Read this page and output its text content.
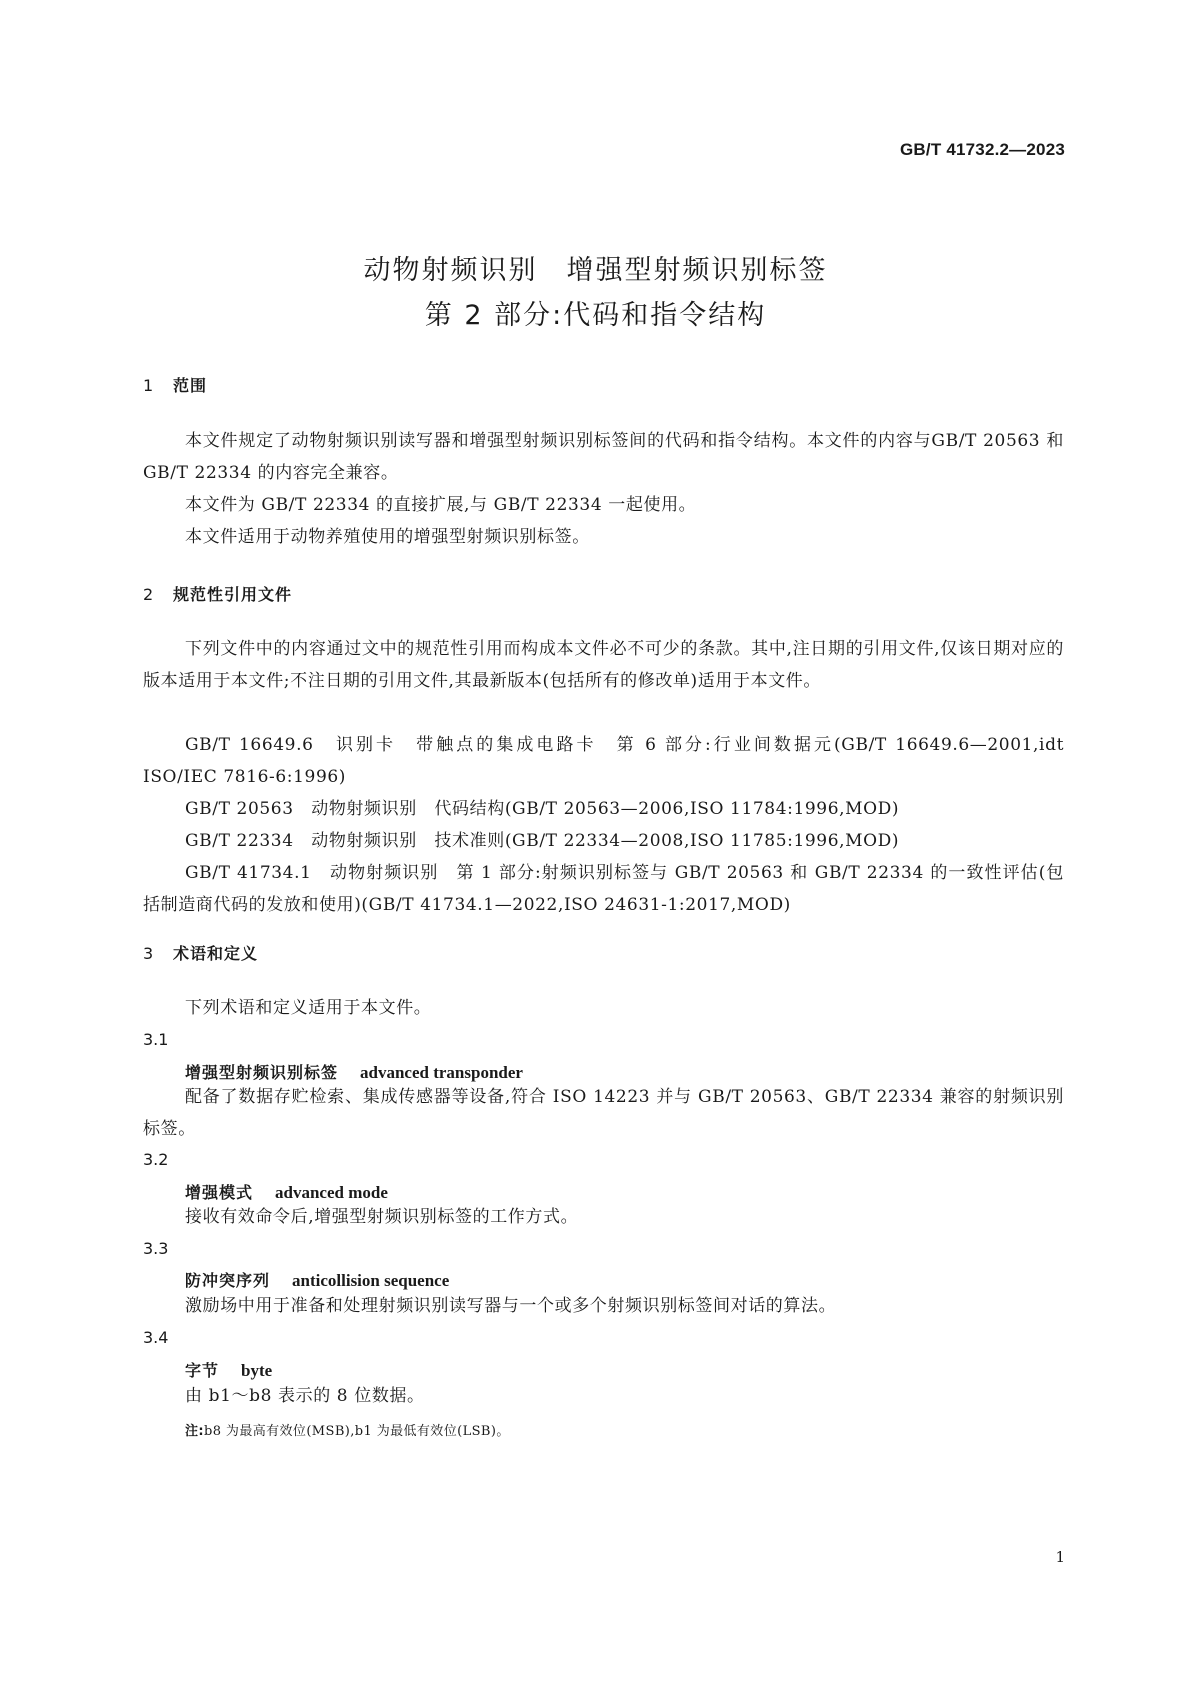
GB/T 41732.2—2023
动物射频识别　增强型射频识别标签
第 2 部分:代码和指令结构
1 范围
本文件规定了动物射频识别读写器和增强型射频识别标签间的代码和指令结构。本文件的内容与GB/T 20563 和 GB/T 22334 的内容完全兼容。
本文件为 GB/T 22334 的直接扩展,与 GB/T 22334 一起使用。
本文件适用于动物养殖使用的增强型射频识别标签。
2 规范性引用文件
下列文件中的内容通过文中的规范性引用而构成本文件必不可少的条款。其中,注日期的引用文件,仅该日期对应的版本适用于本文件;不注日期的引用文件,其最新版本(包括所有的修改单)适用于本文件。
GB/T 16649.6　识别卡　带触点的集成电路卡　第 6 部分:行业间数据元(GB/T 16649.6—2001,idt ISO/IEC 7816-6:1996)
GB/T 20563　动物射频识别　代码结构(GB/T 20563—2006,ISO 11784:1996,MOD)
GB/T 22334　动物射频识别　技术准则(GB/T 22334—2008,ISO 11785:1996,MOD)
GB/T 41734.1　动物射频识别　第 1 部分:射频识别标签与 GB/T 20563 和 GB/T 22334 的一致性评估(包括制造商代码的发放和使用)(GB/T 41734.1—2022,ISO 24631-1:2017,MOD)
3 术语和定义
下列术语和定义适用于本文件。
3.1
增强型射频识别标签 advanced transponder
配备了数据存贮检索、集成传感器等设备,符合 ISO 14223 并与 GB/T 20563、GB/T 22334 兼容的射频识别标签。
3.2
增强模式 advanced mode
接收有效命令后,增强型射频识别标签的工作方式。
3.3
防冲突序列 anticollision sequence
激励场中用于准备和处理射频识别读写器与一个或多个射频识别标签间对话的算法。
3.4
字节 byte
由 b1～b8 表示的 8 位数据。
注:b8 为最高有效位(MSB),b1 为最低有效位(LSB)。
1
